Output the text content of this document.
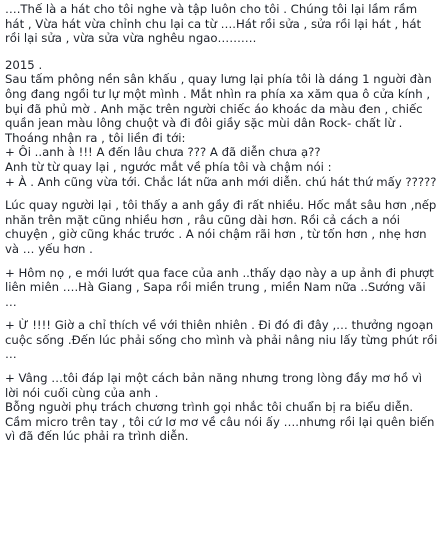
….Thế là a hát cho tôi nghe và tập luôn cho tôi . Chúng tôi lại lầm rầm hát , Vừa hát vừa chỉnh chu lại ca từ ….Hát rồi sửa , sửa rồi lại hát , hát rồi lại sửa , vừa sửa vừa nghêu ngao……….

2015 .

Sau tấm phông nền sân khấu , quay lưng lại phía tôi là dáng 1 nguời đàn ông đang ngồi tư lự một mình . Mắt nhìn ra phía xa xăm qua ô cửa kính , bụi đã phủ mờ . Anh mặc trên người chiếc áo khoác da màu đen , chiếc quần jean màu lông chuột và đi đôi giầy sặc mùi dân Rock- chất lừ .

Thoáng nhận ra , tôi liền đi tới:

+ Ôi ..anh à !!! A đến lâu chưa ??? A đã diễn chưa ạ??

Anh từ từ quay lại , ngước mắt về phía tôi và chậm nói :

+ À . Anh cũng vừa tới. Chắc lát nữa anh mới diễn. chú hát thứ mấy ?????

Lúc quay người lại , tôi thấy a anh gầy đi rất nhiều. Hốc mắt sâu hơn ,nếp nhăn trên mặt cũng nhiều hơn , râu cũng dài hơn. Rồi cả cách a nói chuyện , giờ cũng khác trước . A nói chậm rãi hơn , từ tốn hơn , nhẹ hơn và … yếu hơn .

+ Hôm nọ , e mới lướt qua face của anh ..thấy dạo này a up ảnh đi phượt liên miên ….Hà Giang , Sapa rồi miền trung , miền Nam nữa ..Sướng vãi …

+ Ừ !!!! Giờ a chỉ thích về với thiên nhiên . Đi đó đi đây ,… thưởng ngoạn cuộc sống .Đến lúc phải sống cho mình và phải nâng niu lấy từng phút rồi …

+ Vâng …tôi đáp lại một cách bản năng nhưng trong lòng đầy mơ hồ vì lời nói cuối cùng của anh .

Bỗng nguời phụ trách chương trình gọi nhắc tôi chuẩn bị ra biểu diễn. Cầm micro trên tay , tôi cứ lơ mơ về câu nói ấy ….nhưng rồi lại quên biến vì đã đến lúc phải ra trình diễn.
